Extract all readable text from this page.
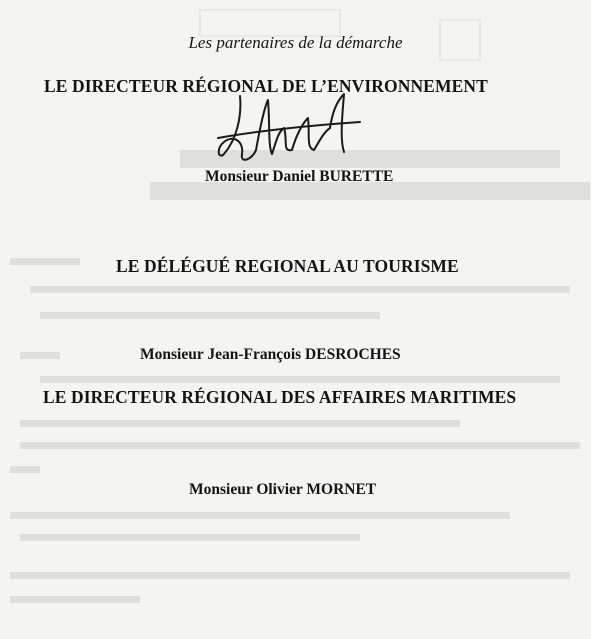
Les partenaires de la démarche
LE DIRECTEUR RÉGIONAL DE L’ENVIRONNEMENT
Monsieur Daniel BURETTE
LE DÉLÉGUÉ REGIONAL AU TOURISME
Monsieur Jean-François DESROCHES
LE DIRECTEUR RÉGIONAL DES AFFAIRES MARITIMES
Monsieur Olivier MORNET
